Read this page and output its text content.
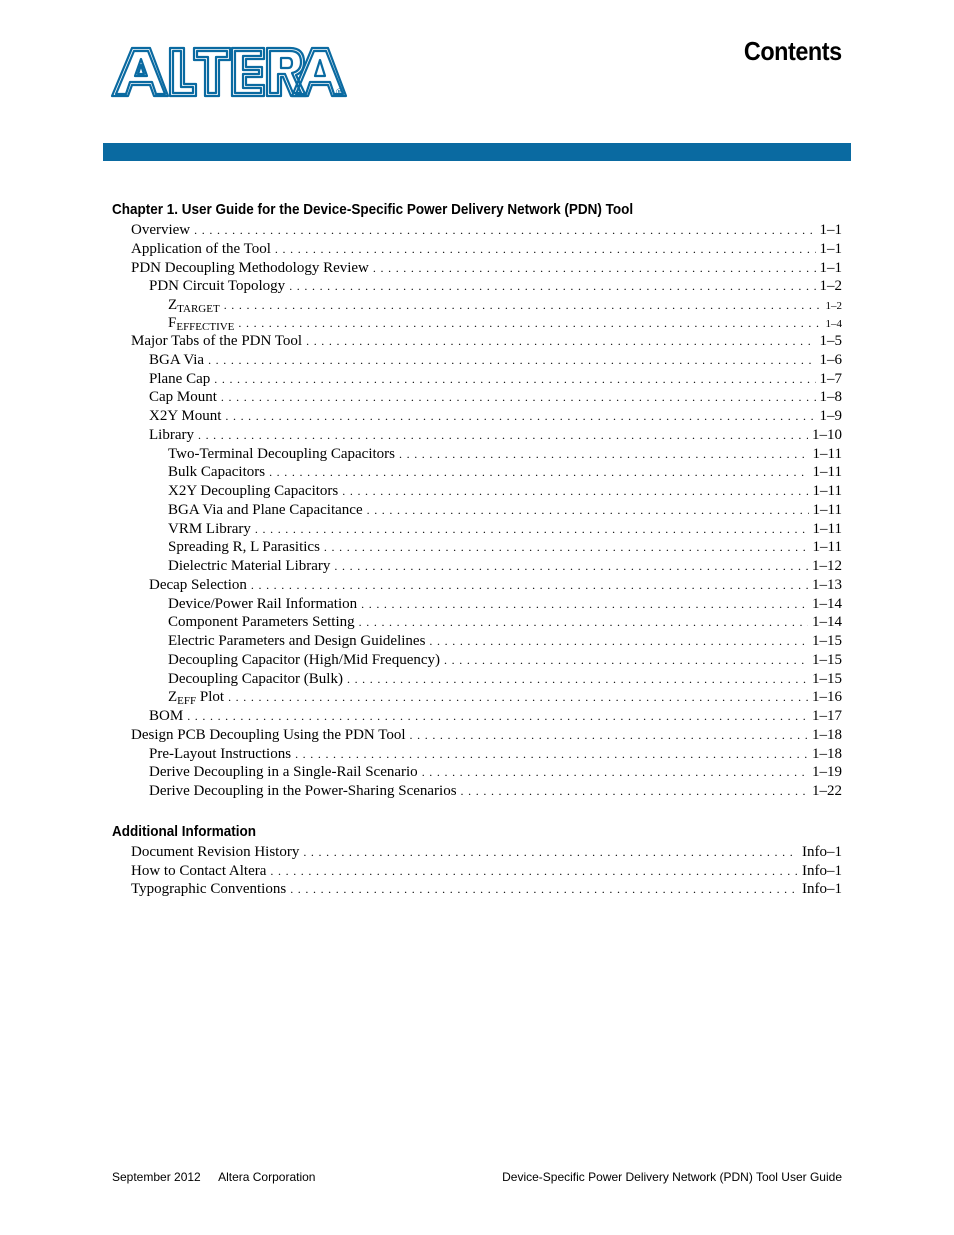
®
Contents
Chapter 1. User Guide for the Device-Specific Power Delivery Network (PDN) Tool
Overview . . .	1–1
Application of the Tool . . .	1–1
PDN Decoupling Methodology Review . . .	1–1
PDN Circuit Topology . . .	1–2
ZTARGET . . .	1–2
FEFFECTIVE . . .	1–4
Major Tabs of the PDN Tool . . .	1–5
BGA Via . . .	1–6
Plane Cap . . .	1–7
Cap Mount . . .	1–8
X2Y Mount . . .	1–9
Library . . .	1–10
Two-Terminal Decoupling Capacitors . . .	1–11
Bulk Capacitors . . .	1–11
X2Y Decoupling Capacitors . . .	1–11
BGA Via and Plane Capacitance . . .	1–11
VRM Library . . .	1–11
Spreading R, L Parasitics . . .	1–11
Dielectric Material Library . . .	1–12
Decap Selection . . .	1–13
Device/Power Rail Information . . .	1–14
Component Parameters Setting . . .	1–14
Electric Parameters and Design Guidelines . . .	1–15
Decoupling Capacitor (High/Mid Frequency) . . .	1–15
Decoupling Capacitor (Bulk) . . .	1–15
$Z_{EFF}$ Plot . . .	1–16
BOM . . .	1–17
Design PCB Decoupling Using the PDN Tool . . .	1–18
Pre-Layout Instructions . . .	1–18
Derive Decoupling in a Single-Rail Scenario . . .	1–19
Derive Decoupling in the Power-Sharing Scenarios . . .	1–22
Additional Information
Document Revision History . . .	Info–1
How to Contact Altera . . .	Info–1
Typographic Conventions . . .	Info–1
September 2012 Altera Corporation	Device-Specific Power Delivery Network (PDN) Tool User Guide
